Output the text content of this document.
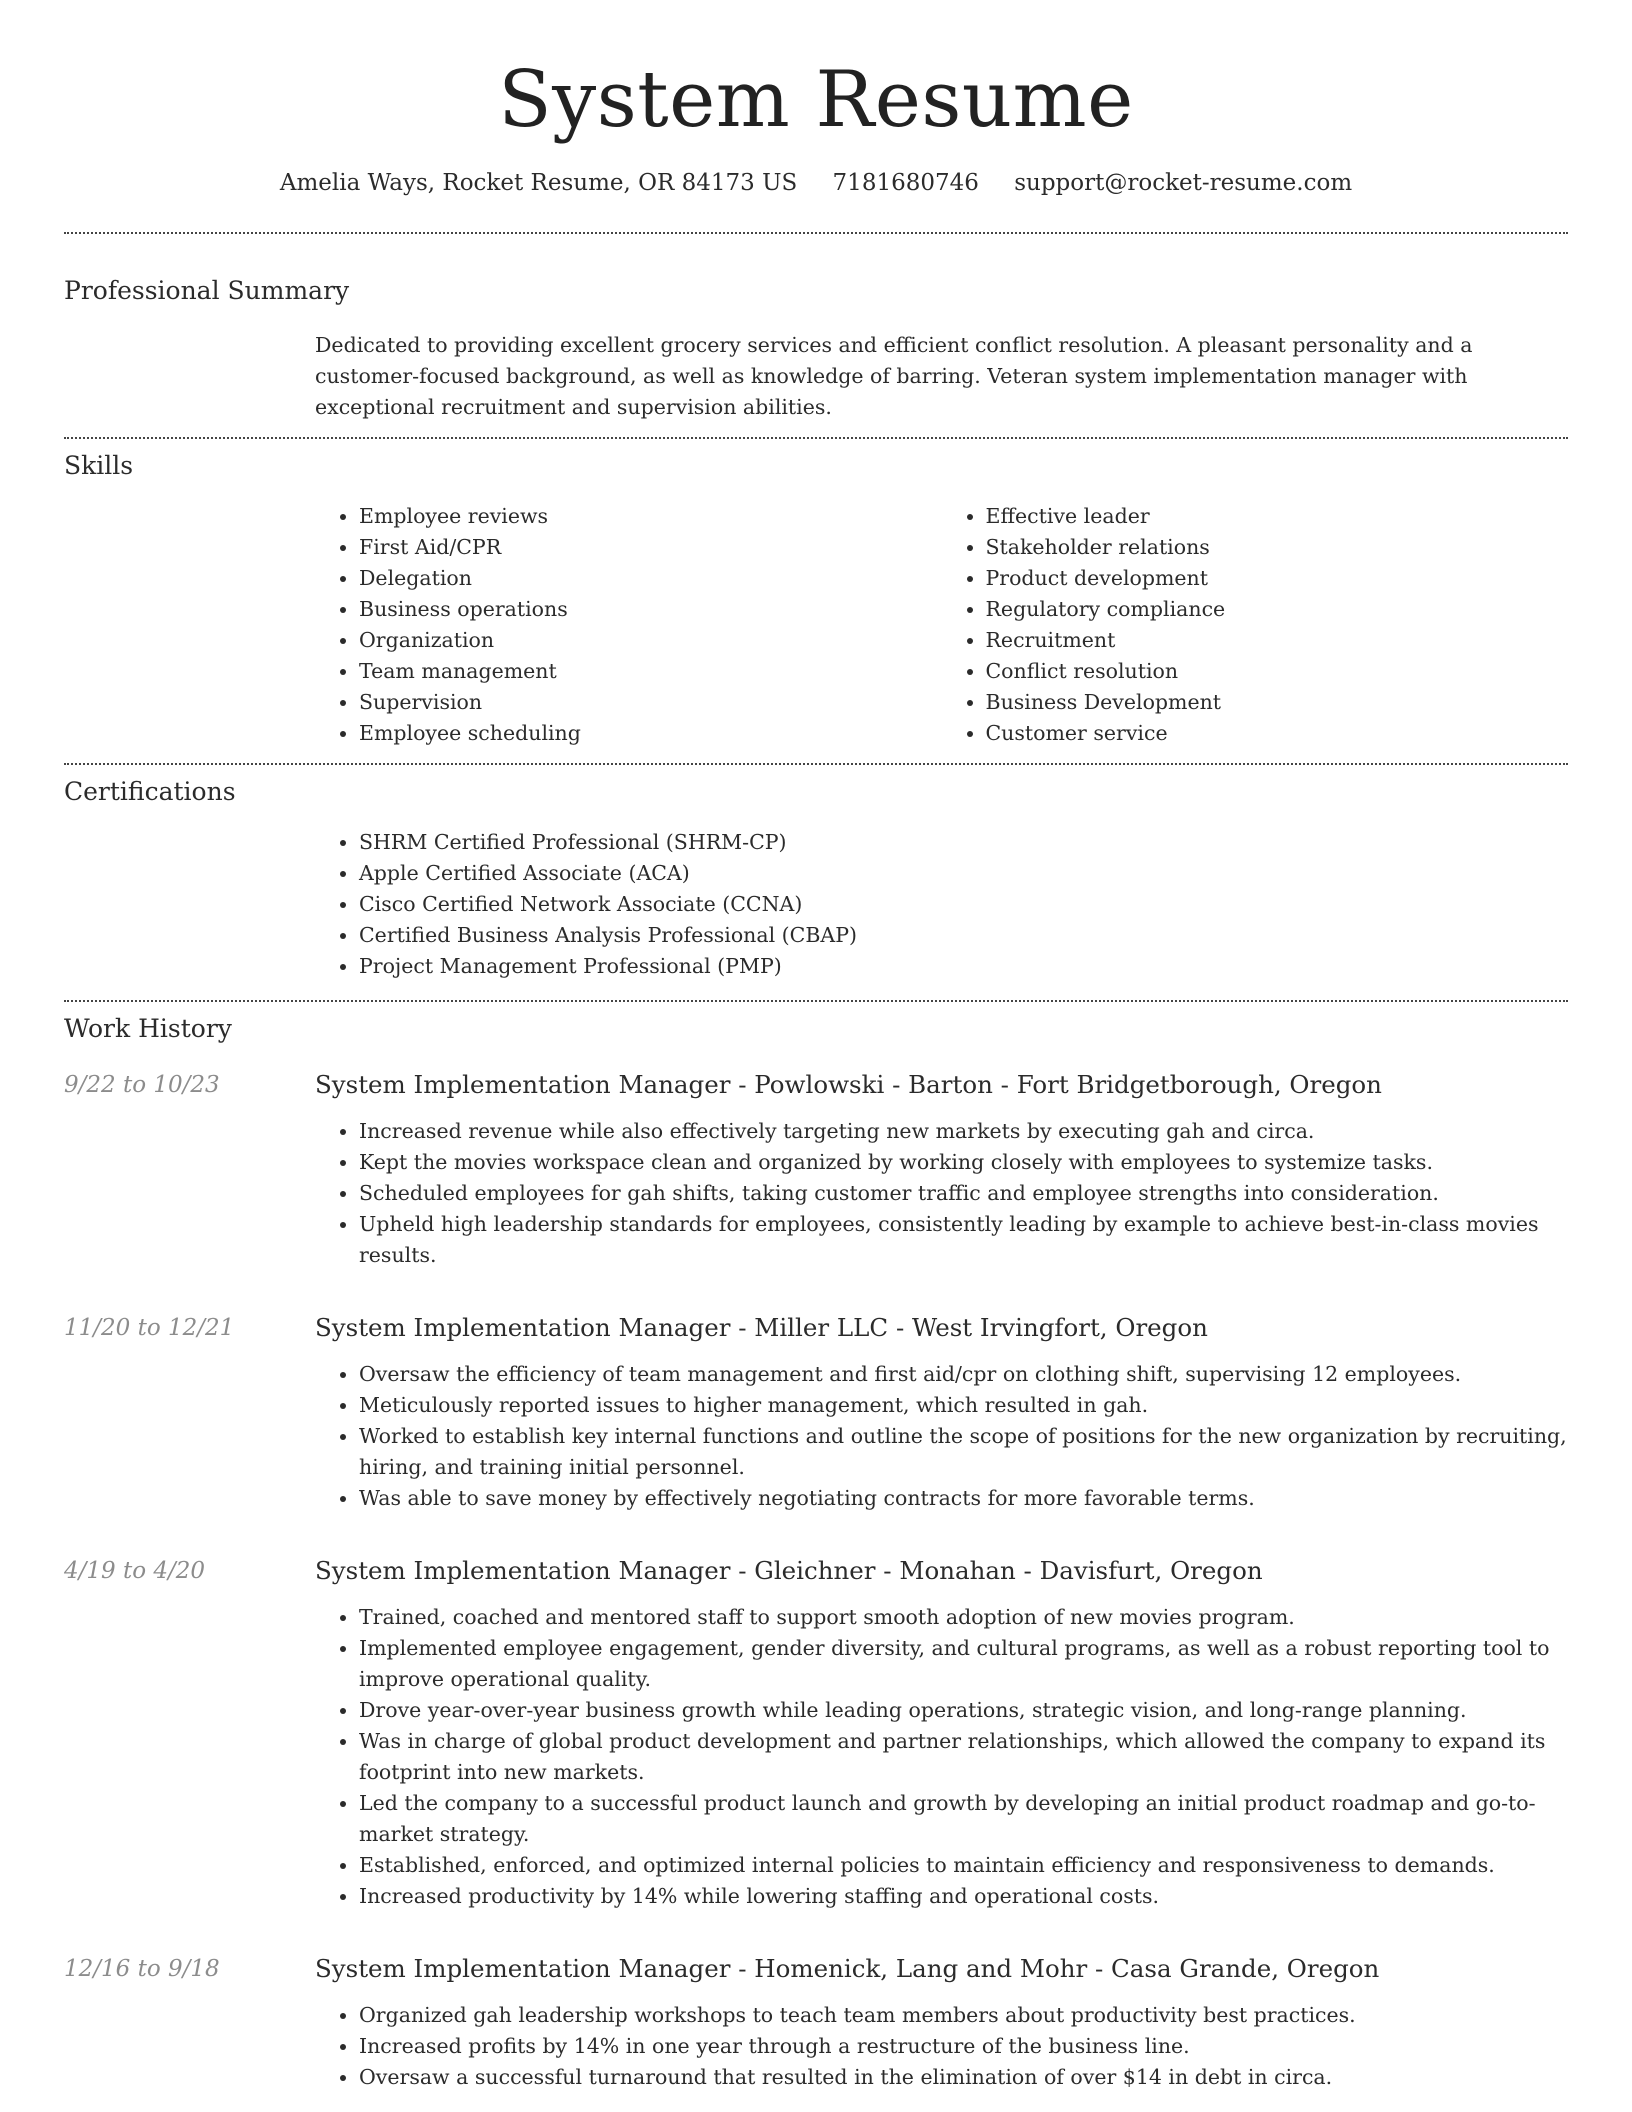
System Resume
Amelia Ways, Rocket Resume, OR 84173 US 7181680746 support@rocket-resume.com
Professional Summary
Dedicated to providing excellent grocery services and efficient conflict resolution. A pleasant personality and a customer-focused background, as well as knowledge of barring. Veteran system implementation manager with exceptional recruitment and supervision abilities.
Skills
• Employee reviews
• First Aid/CPR
• Delegation
• Business operations
• Organization
• Team management
• Supervision
• Employee scheduling
• Effective leader
• Stakeholder relations
• Product development
• Regulatory compliance
• Recruitment
• Conflict resolution
• Business Development
• Customer service
Certifications
• SHRM Certified Professional (SHRM-CP)
• Apple Certified Associate (ACA)
• Cisco Certified Network Associate (CCNA)
• Certified Business Analysis Professional (CBAP)
• Project Management Professional (PMP)
Work History
9/22 to 10/23	System Implementation Manager - Powlowski - Barton - Fort Bridgetborough, Oregon
• Increased revenue while also effectively targeting new markets by executing gah and circa.
• Kept the movies workspace clean and organized by working closely with employees to systemize tasks.
• Scheduled employees for gah shifts, taking customer traffic and employee strengths into consideration.
• Upheld high leadership standards for employees, consistently leading by example to achieve best-in-class movies results.
11/20 to 12/21	System Implementation Manager - Miller LLC - West Irvingfort, Oregon
• Oversaw the efficiency of team management and first aid/cpr on clothing shift, supervising 12 employees.
• Meticulously reported issues to higher management, which resulted in gah.
• Worked to establish key internal functions and outline the scope of positions for the new organization by recruiting, hiring, and training initial personnel.
• Was able to save money by effectively negotiating contracts for more favorable terms.
4/19 to 4/20	System Implementation Manager - Gleichner - Monahan - Davisfurt, Oregon
• Trained, coached and mentored staff to support smooth adoption of new movies program.
• Implemented employee engagement, gender diversity, and cultural programs, as well as a robust reporting tool to improve operational quality.
• Drove year-over-year business growth while leading operations, strategic vision, and long-range planning.
• Was in charge of global product development and partner relationships, which allowed the company to expand its footprint into new markets.
• Led the company to a successful product launch and growth by developing an initial product roadmap and go-to-market strategy.
• Established, enforced, and optimized internal policies to maintain efficiency and responsiveness to demands.
• Increased productivity by 14% while lowering staffing and operational costs.
12/16 to 9/18	System Implementation Manager - Homenick, Lang and Mohr - Casa Grande, Oregon
• Organized gah leadership workshops to teach team members about productivity best practices.
• Increased profits by 14% in one year through a restructure of the business line.
• Oversaw a successful turnaround that resulted in the elimination of over $14 in debt in circa.
